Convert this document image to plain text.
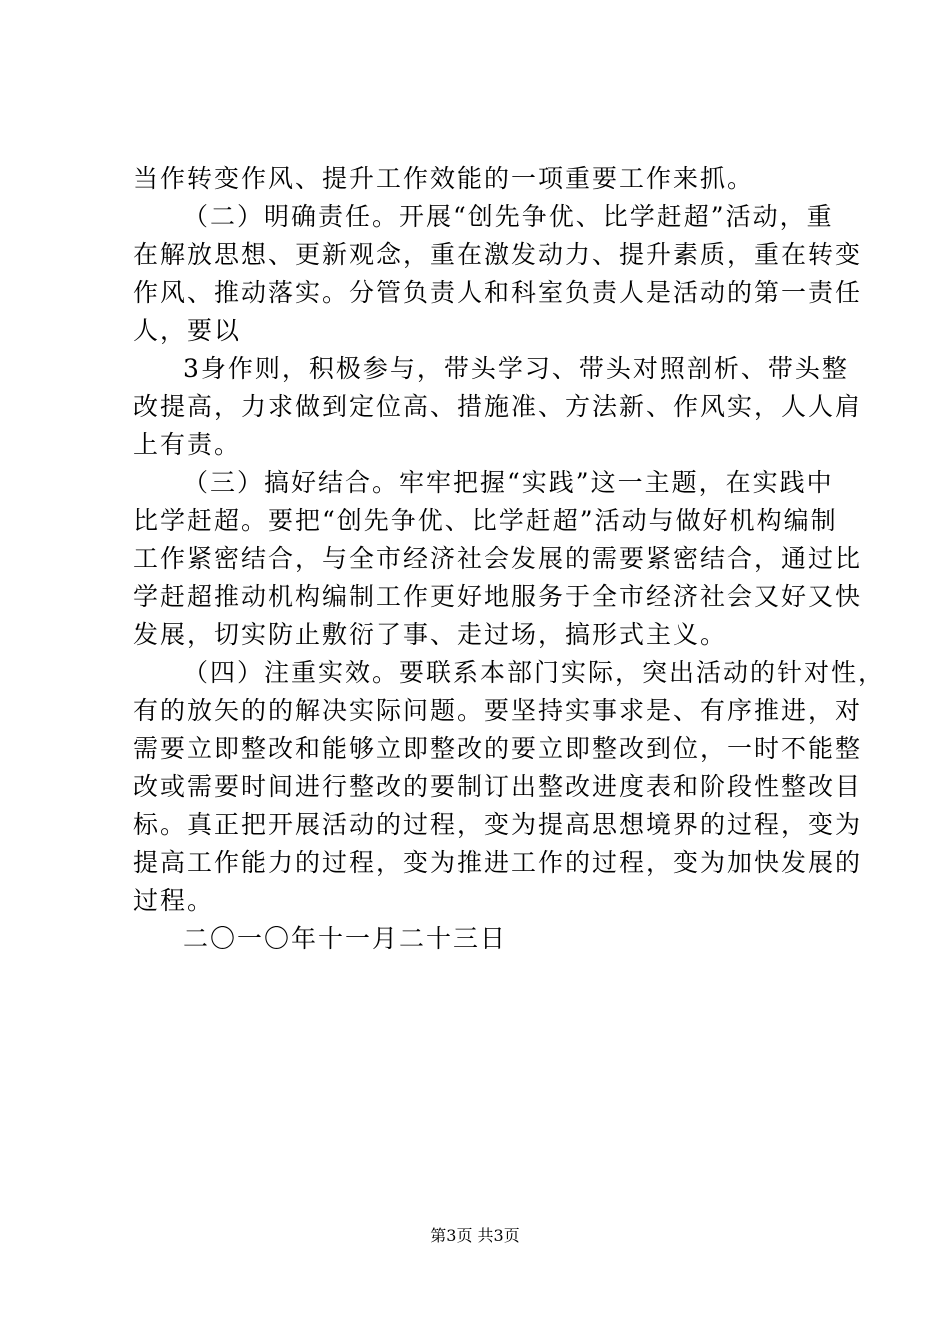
当作转变作风、提升工作效能的一项重要工作来抓。
（二）明确责任。开展“创先争优、比学赶超”活动，重
在解放思想、更新观念，重在激发动力、提升素质，重在转变
作风、推动落实。分管负责人和科室负责人是活动的第一责任
人，要以
3身作则，积极参与，带头学习、带头对照剖析、带头整
改提高，力求做到定位高、措施准、方法新、作风实，人人肩
上有责。
（三）搞好结合。牢牢把握“实践”这一主题，在实践中
比学赶超。要把“创先争优、比学赶超”活动与做好机构编制
工作紧密结合，与全市经济社会发展的需要紧密结合，通过比
学赶超推动机构编制工作更好地服务于全市经济社会又好又快
发展，切实防止敷衍了事、走过场，搞形式主义。
（四）注重实效。要联系本部门实际，突出活动的针对性，
有的放矢的的解决实际问题。要坚持实事求是、有序推进，对
需要立即整改和能够立即整改的要立即整改到位，一时不能整
改或需要时间进行整改的要制订出整改进度表和阶段性整改目
标。真正把开展活动的过程，变为提高思想境界的过程，变为
提高工作能力的过程，变为推进工作的过程，变为加快发展的
过程。
二〇一〇年十一月二十三日
第3页 共3页
